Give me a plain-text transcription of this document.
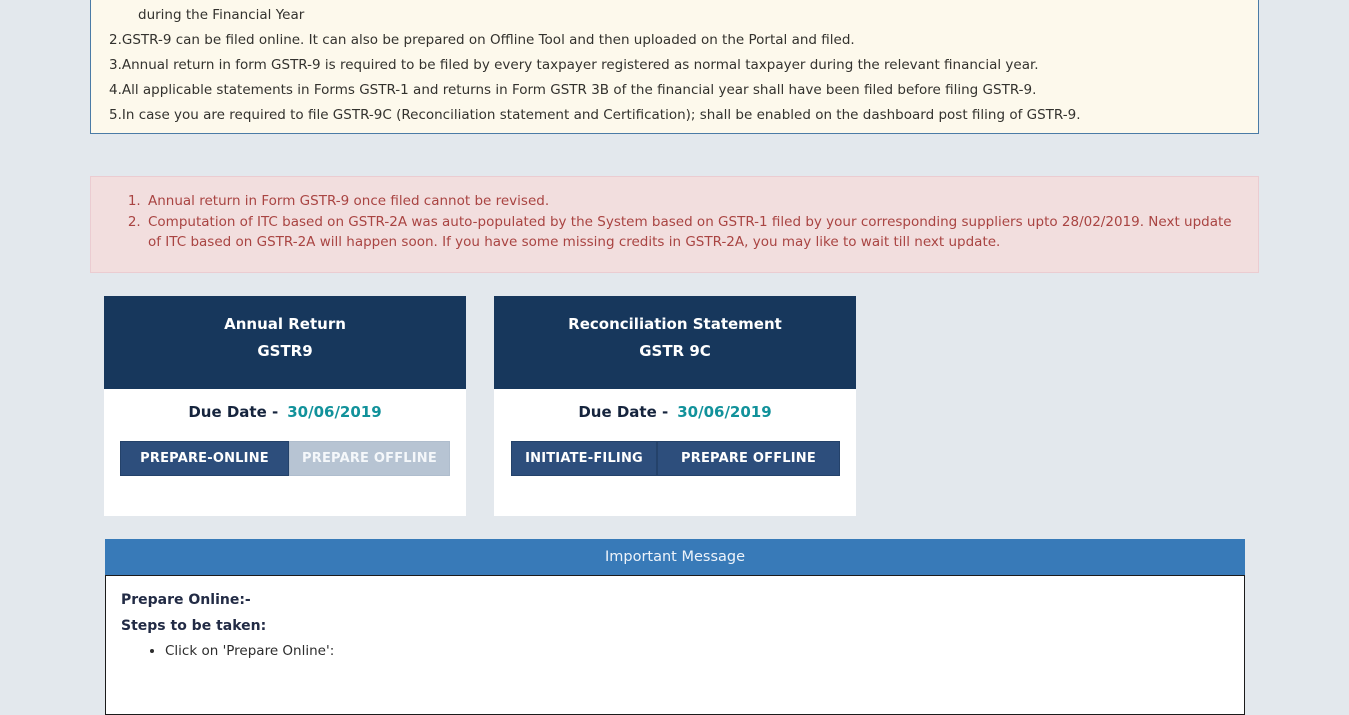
during the Financial Year
2.GSTR-9 can be filed online. It can also be prepared on Offline Tool and then uploaded on the Portal and filed.
3.Annual return in form GSTR-9 is required to be filed by every taxpayer registered as normal taxpayer during the relevant financial year.
4.All applicable statements in Forms GSTR-1 and returns in Form GSTR 3B of the financial year shall have been filed before filing GSTR-9.
5.In case you are required to file GSTR-9C (Reconciliation statement and Certification); shall be enabled on the dashboard post filing of GSTR-9.
1. Annual return in Form GSTR-9 once filed cannot be revised.
2. Computation of ITC based on GSTR-2A was auto-populated by the System based on GSTR-1 filed by your corresponding suppliers upto 28/02/2019. Next update of ITC based on GSTR-2A will happen soon. If you have some missing credits in GSTR-2A, you may like to wait till next update.
Annual Return
GSTR9
Due Date - 30/06/2019
PREPARE-ONLINE	PREPARE OFFLINE
Reconciliation Statement
GSTR 9C
Due Date - 30/06/2019
INITIATE-FILING	PREPARE OFFLINE
Important Message
Prepare Online:-
Steps to be taken:
• Click on 'Prepare Online':
